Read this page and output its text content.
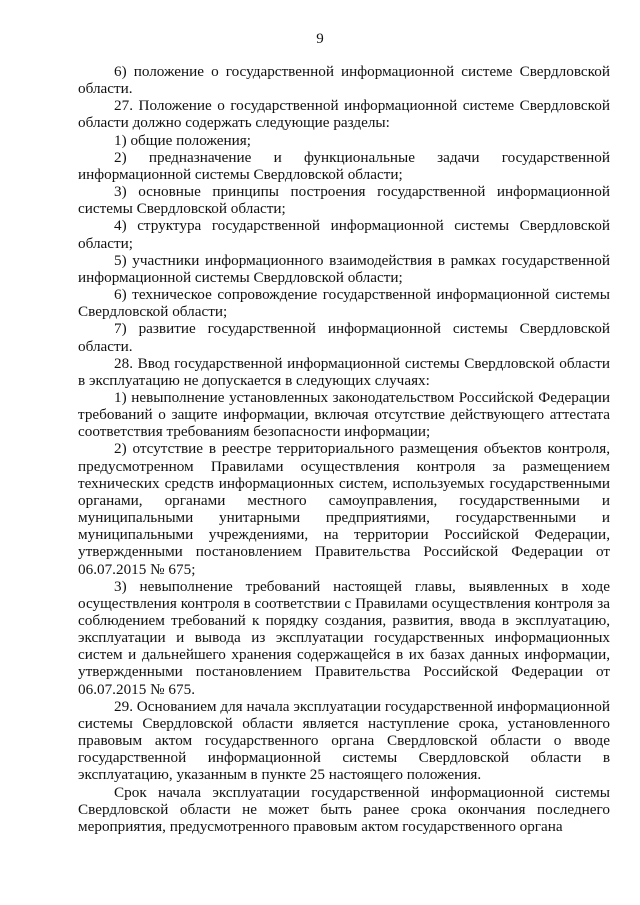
9

6) положение о государственной информационной системе Свердловской области.

27. Положение о государственной информационной системе Свердловской области должно содержать следующие разделы:

1) общие положения;

2) предназначение и функциональные задачи государственной информационной системы Свердловской области;

3) основные принципы построения государственной информационной системы Свердловской области;

4) структура государственной информационной системы Свердловской области;

5) участники информационного взаимодействия в рамках государственной информационной системы Свердловской области;

6) техническое сопровождение государственной информационной системы Свердловской области;

7) развитие государственной информационной системы Свердловской области.

28. Ввод государственной информационной системы Свердловской области в эксплуатацию не допускается в следующих случаях:

1) невыполнение установленных законодательством Российской Федерации требований о защите информации, включая отсутствие действующего аттестата соответствия требованиям безопасности информации;

2) отсутствие в реестре территориального размещения объектов контроля, предусмотренном Правилами осуществления контроля за размещением технических средств информационных систем, используемых государственными органами, органами местного самоуправления, государственными и муниципальными унитарными предприятиями, государственными и муниципальными учреждениями, на территории Российской Федерации, утвержденными постановлением Правительства Российской Федерации от 06.07.2015 № 675;

3) невыполнение требований настоящей главы, выявленных в ходе осуществления контроля в соответствии с Правилами осуществления контроля за соблюдением требований к порядку создания, развития, ввода в эксплуатацию, эксплуатации и вывода из эксплуатации государственных информационных систем и дальнейшего хранения содержащейся в их базах данных информации, утвержденными постановлением Правительства Российской Федерации от 06.07.2015 № 675.

29. Основанием для начала эксплуатации государственной информационной системы Свердловской области является наступление срока, установленного правовым актом государственного органа Свердловской области о вводе государственной информационной системы Свердловской области в эксплуатацию, указанным в пункте 25 настоящего положения.

Срок начала эксплуатации государственной информационной системы Свердловской области не может быть ранее срока окончания последнего мероприятия, предусмотренного правовым актом государственного органа
